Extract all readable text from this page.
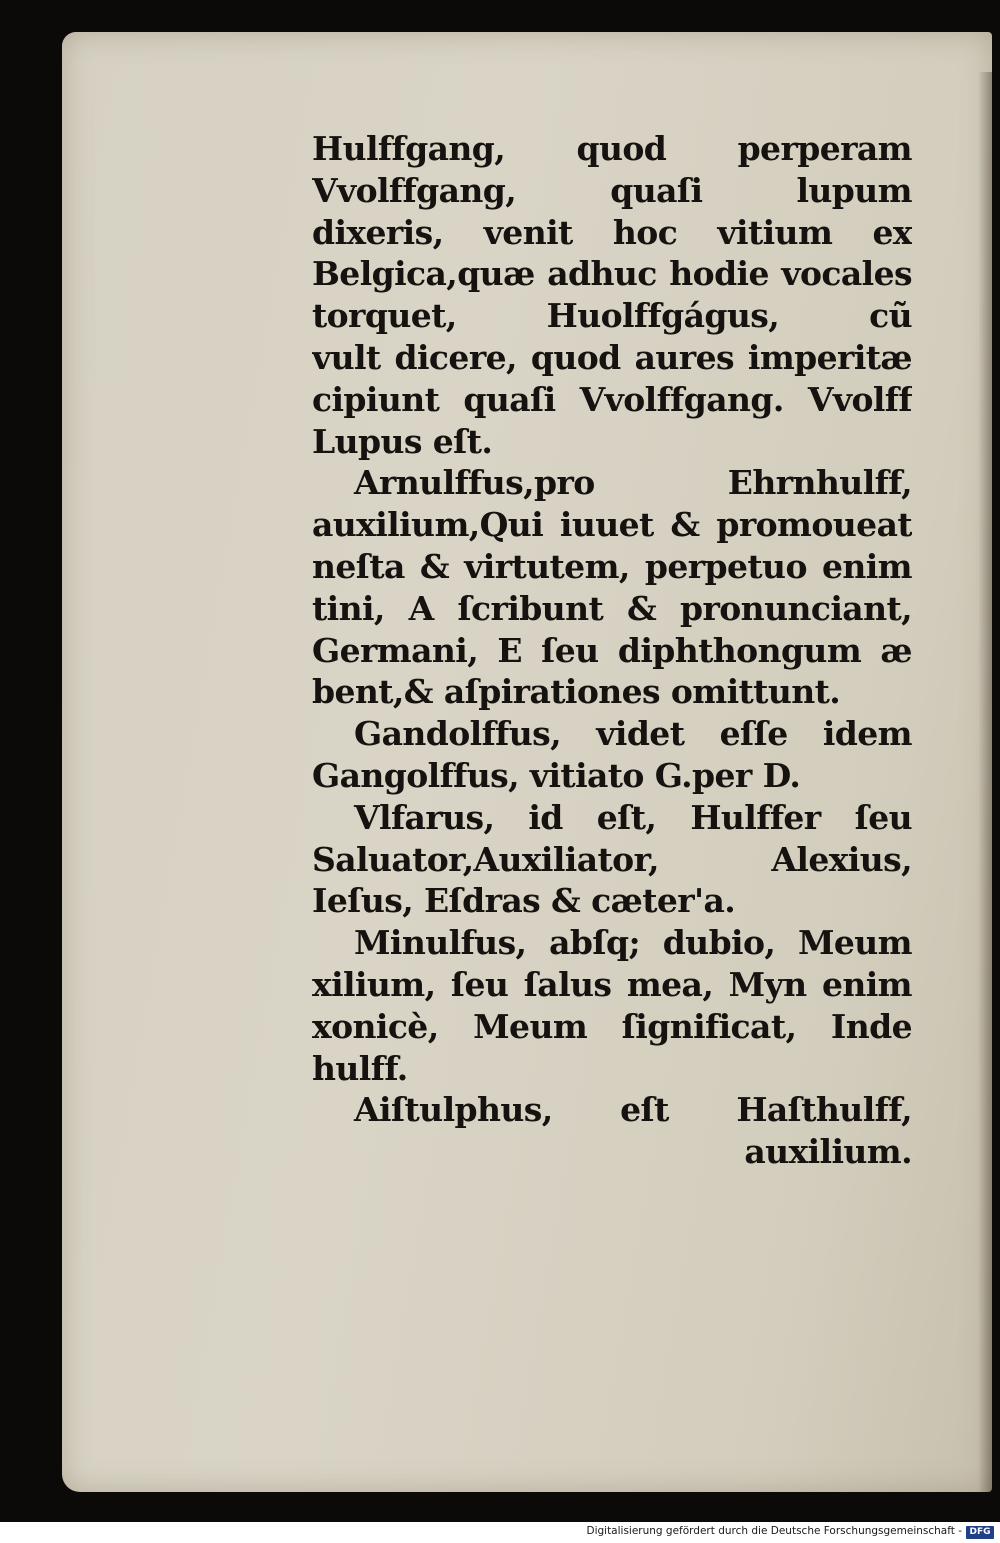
Hulffgang, quod perperam
Vvolffgang, quaſi lupum
dixeris, venit hoc vitium ex
Belgica,quæ adhuc hodie vocales
torquet, Huolffgágus, cũ
vult dicere, quod aures imperitæ
cipiunt quaſi Vvolffgang. Vvolff
Lupus eſt.
Arnulffus,pro Ehrnhulff,
auxilium,Qui iuuet & promoueat
neſta & virtutem, perpetuo enim
tini, A ſcribunt & pronunciant,
Germani, E ſeu diphthongum æ
bent,& aſpirationes omittunt.
Gandolffus, videt eſſe idem
Gangolffus, vitiato G.per D.
Vlfarus, id eſt, Hulffer ſeu
Saluator,Auxiliator, Alexius,
Ieſus, Eſdras & cæter'a.
Minulfus, abſq; dubio, Meum
xilium, ſeu ſalus mea, Myn enim
xonicè, Meum ſignificat, Inde
hulff.
Aiſtulphus, eſt Haſthulff,
auxilium.
Digitalisierung gefördert durch die Deutsche Forschungsgemeinschaft - DFG
